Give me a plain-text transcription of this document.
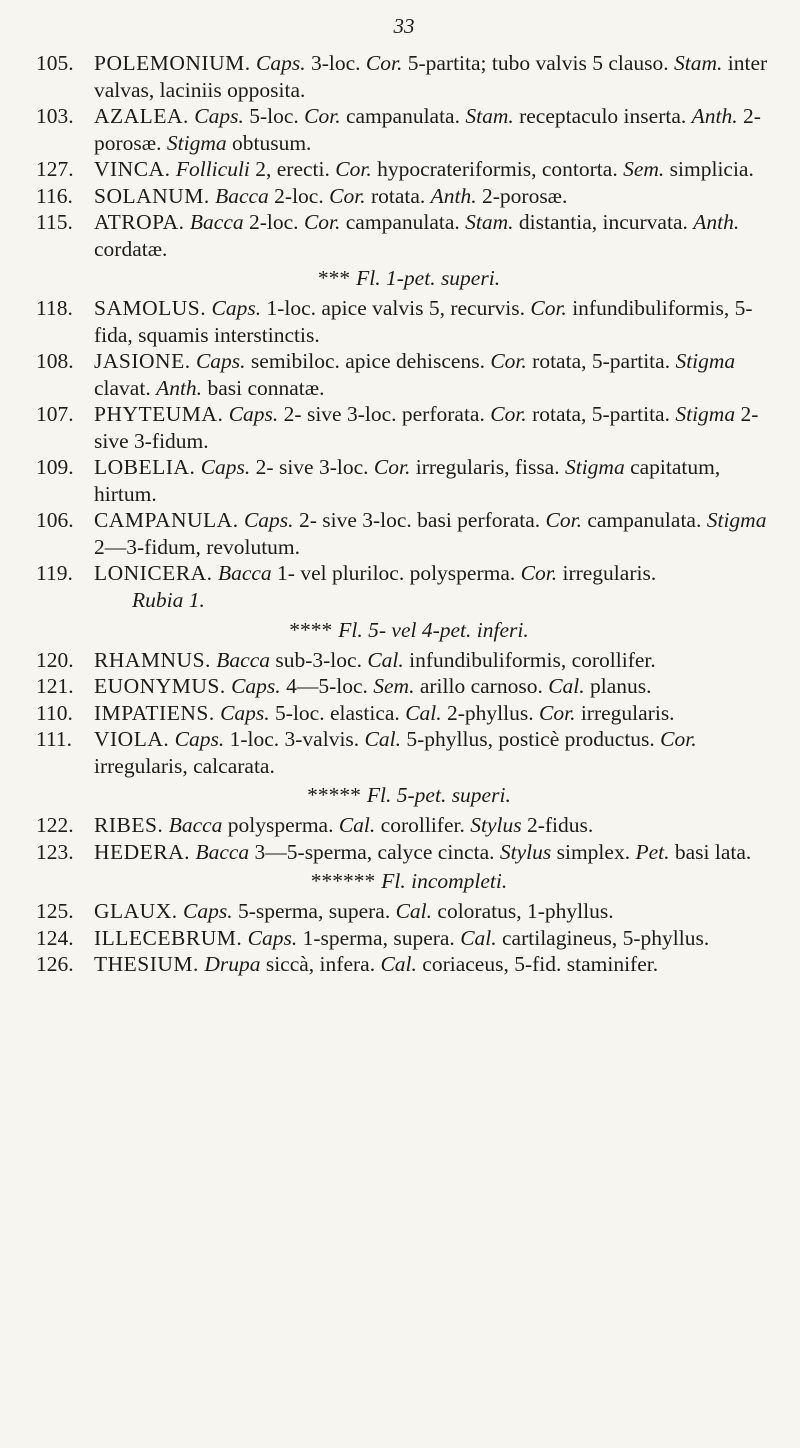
33
105. POLEMONIUM. Caps. 3-loc. Cor. 5-partita; tubo valvis 5 clauso. Stam. inter valvas, laciniis opposita.
103. AZALEA. Caps. 5-loc. Cor. campanulata. Stam. receptaculo inserta. Anth. 2-porosæ. Stigma obtusum.
127. VINCA. Folliculi 2, erecti. Cor. hypocrateriformis, contorta. Sem. simplicia.
116. SOLANUM. Bacca 2-loc. Cor. rotata. Anth. 2-porosæ.
115. ATROPA. Bacca 2-loc. Cor. campanulata. Stam. distantia, incurvata. Anth. cordatæ.
*** Fl. 1-pet. superi.
118. SAMOLUS. Caps. 1-loc. apice valvis 5, recurvis. Cor. infundibuliformis, 5-fida, squamis interstinctis.
108. JASIONE. Caps. semibiloc. apice dehiscens. Cor. rotata, 5-partita. Stigma clavat. Anth. basi connatæ.
107. PHYTEUMA. Caps. 2- sive 3-loc. perforata. Cor. rotata, 5-partita. Stigma 2- sive 3-fidum.
109. LOBELIA. Caps. 2- sive 3-loc. Cor. irregularis, fissa. Stigma capitatum, hirtum.
106. CAMPANULA. Caps. 2- sive 3-loc. basi perforata. Cor. campanulata. Stigma 2—3-fidum, revolutum.
119. LONICERA. Bacca 1- vel pluriloc. polysperma. Cor. irregularis.
Rubia 1.
**** Fl. 5- vel 4-pet. inferi.
120. RHAMNUS. Bacca sub-3-loc. Cal. infundibuliformis, corollifer.
121. EUONYMUS. Caps. 4—5-loc. Sem. arillo carnoso. Cal. planus.
110. IMPATIENS. Caps. 5-loc. elastica. Cal. 2-phyllus. Cor. irregularis.
111. VIOLA. Caps. 1-loc. 3-valvis. Cal. 5-phyllus, posticè productus. Cor. irregularis, calcarata.
***** Fl. 5-pet. superi.
122. RIBES. Bacca polysperma. Cal. corollifer. Stylus 2-fidus.
123. HEDERA. Bacca 3—5-sperma, calyce cincta. Stylus simplex. Pet. basi lata.
****** Fl. incompleti.
125. GLAUX. Caps. 5-sperma, supera. Cal. coloratus, 1-phyllus.
124. ILLECEBRUM. Caps. 1-sperma, supera. Cal. cartilagineus, 5-phyllus.
126. THESIUM. Drupa siccà, infera. Cal. coriaceus, 5-fid. staminifer.
